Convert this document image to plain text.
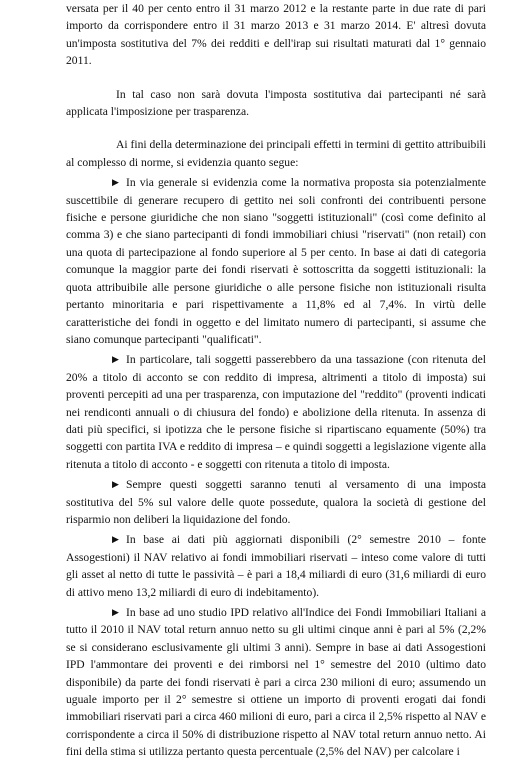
versata per il 40 per cento entro il 31 marzo 2012 e la restante parte in due rate di pari importo da corrispondere entro il 31 marzo 2013 e 31 marzo 2014. E' altresì dovuta un'imposta sostitutiva del 7% dei redditi e dell'irap sui risultati maturati dal 1° gennaio 2011.

In tal caso non sarà dovuta l'imposta sostitutiva dai partecipanti né sarà applicata l'imposizione per trasparenza.

Ai fini della determinazione dei principali effetti in termini di gettito attribuibili al complesso di norme, si evidenzia quanto segue:

▶ In via generale si evidenzia come la normativa proposta sia potenzialmente suscettibile di generare recupero di gettito nei soli confronti dei contribuenti persone fisiche e persone giuridiche che non siano "soggetti istituzionali" (così come definito al comma 3) e che siano partecipanti di fondi immobiliari chiusi "riservati" (non retail) con una quota di partecipazione al fondo superiore al 5 per cento. In base ai dati di categoria comunque la maggior parte dei fondi riservati è sottoscritta da soggetti istituzionali: la quota attribuibile alle persone giuridiche o alle persone fisiche non istituzionali risulta pertanto minoritaria e pari rispettivamente a 11,8% ed al 7,4%. In virtù delle caratteristiche dei fondi in oggetto e del limitato numero di partecipanti, si assume che siano comunque partecipanti "qualificati".

▶ In particolare, tali soggetti passerebbero da una tassazione (con ritenuta del 20% a titolo di acconto se con reddito di impresa, altrimenti a titolo di imposta) sui proventi percepiti ad una per trasparenza, con imputazione del "reddito" (proventi indicati nei rendiconti annuali o di chiusura del fondo) e abolizione della ritenuta. In assenza di dati più specifici, si ipotizza che le persone fisiche si ripartiscano equamente (50%) tra soggetti con partita IVA e reddito di impresa – e quindi soggetti a legislazione vigente alla ritenuta a titolo di acconto - e soggetti con ritenuta a titolo di imposta.

▶ Sempre questi soggetti saranno tenuti al versamento di una imposta sostitutiva del 5% sul valore delle quote possedute, qualora la società di gestione del risparmio non deliberi la liquidazione del fondo.

▶ In base ai dati più aggiornati disponibili (2° semestre 2010 – fonte Assogestioni) il NAV relativo ai fondi immobiliari riservati – inteso come valore di tutti gli asset al netto di tutte le passività – è pari a 18,4 miliardi di euro (31,6 miliardi di euro di attivo meno 13,2 miliardi di euro di indebitamento).

▶ In base ad uno studio IPD relativo all'Indice dei Fondi Immobiliari Italiani a tutto il 2010 il NAV total return annuo netto su gli ultimi cinque anni è pari al 5% (2,2% se si considerano esclusivamente gli ultimi 3 anni). Sempre in base ai dati Assogestioni IPD l'ammontare dei proventi e dei rimborsi nel 1° semestre del 2010 (ultimo dato disponibile) da parte dei fondi riservati è pari a circa 230 milioni di euro; assumendo un uguale importo per il 2° semestre si ottiene un importo di proventi erogati dai fondi immobiliari riservati pari a circa 460 milioni di euro, pari a circa il 2,5% rispetto al NAV e corrispondente a circa il 50% di distribuzione rispetto al NAV total return annuo netto. Ai fini della stima si utilizza pertanto questa percentuale (2,5% del NAV) per calcolare i
